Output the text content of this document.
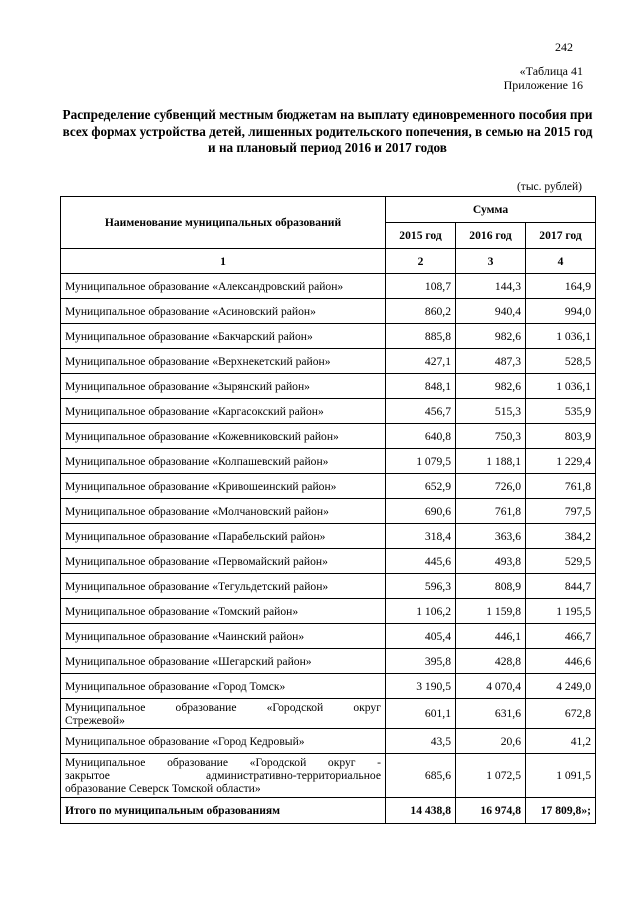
242
«Таблица 41
Приложение 16
Распределение субвенций местным бюджетам на выплату единовременного пособия при всех формах устройства детей, лишенных родительского попечения, в семью на 2015 год и на плановый период 2016 и 2017 годов
(тыс. рублей)
Наименование муниципальных образований	Сумма		
	2015 год	2016 год	2017 год
1	2	3	4
Муниципальное образование «Александровский район»	108,7	144,3	164,9
Муниципальное образование «Асиновский район»	860,2	940,4	994,0
Муниципальное образование «Бакчарский район»	885,8	982,6	1 036,1
Муниципальное образование «Верхнекетский район»	427,1	487,3	528,5
Муниципальное образование «Зырянский район»	848,1	982,6	1 036,1
Муниципальное образование «Каргасокский район»	456,7	515,3	535,9
Муниципальное образование «Кожевниковский район»	640,8	750,3	803,9
Муниципальное образование «Колпашевский район»	1 079,5	1 188,1	1 229,4
Муниципальное образование «Кривошеинский район»	652,9	726,0	761,8
Муниципальное образование «Молчановский район»	690,6	761,8	797,5
Муниципальное образование «Парабельский район»	318,4	363,6	384,2
Муниципальное образование «Первомайский район»	445,6	493,8	529,5
Муниципальное образование «Тегульдетский район»	596,3	808,9	844,7
Муниципальное образование «Томский район»	1 106,2	1 159,8	1 195,5
Муниципальное образование «Чаинский район»	405,4	446,1	466,7
Муниципальное образование «Шегарский район»	395,8	428,8	446,6
Муниципальное образование «Город Томск»	3 190,5	4 070,4	4 249,0

Муниципальное образование «Городской округ
Стрежевой»	601,1	631,6	672,8
Муниципальное образование «Город Кедровый»	43,5	20,6	41,2

Муниципальное образование «Городской округ -
закрытое административно-территориальное
образование Северск Томской области»	685,6	1 072,5	1 091,5
Итого по муниципальным образованиям	14 438,8	16 974,8	17 809,8»;
